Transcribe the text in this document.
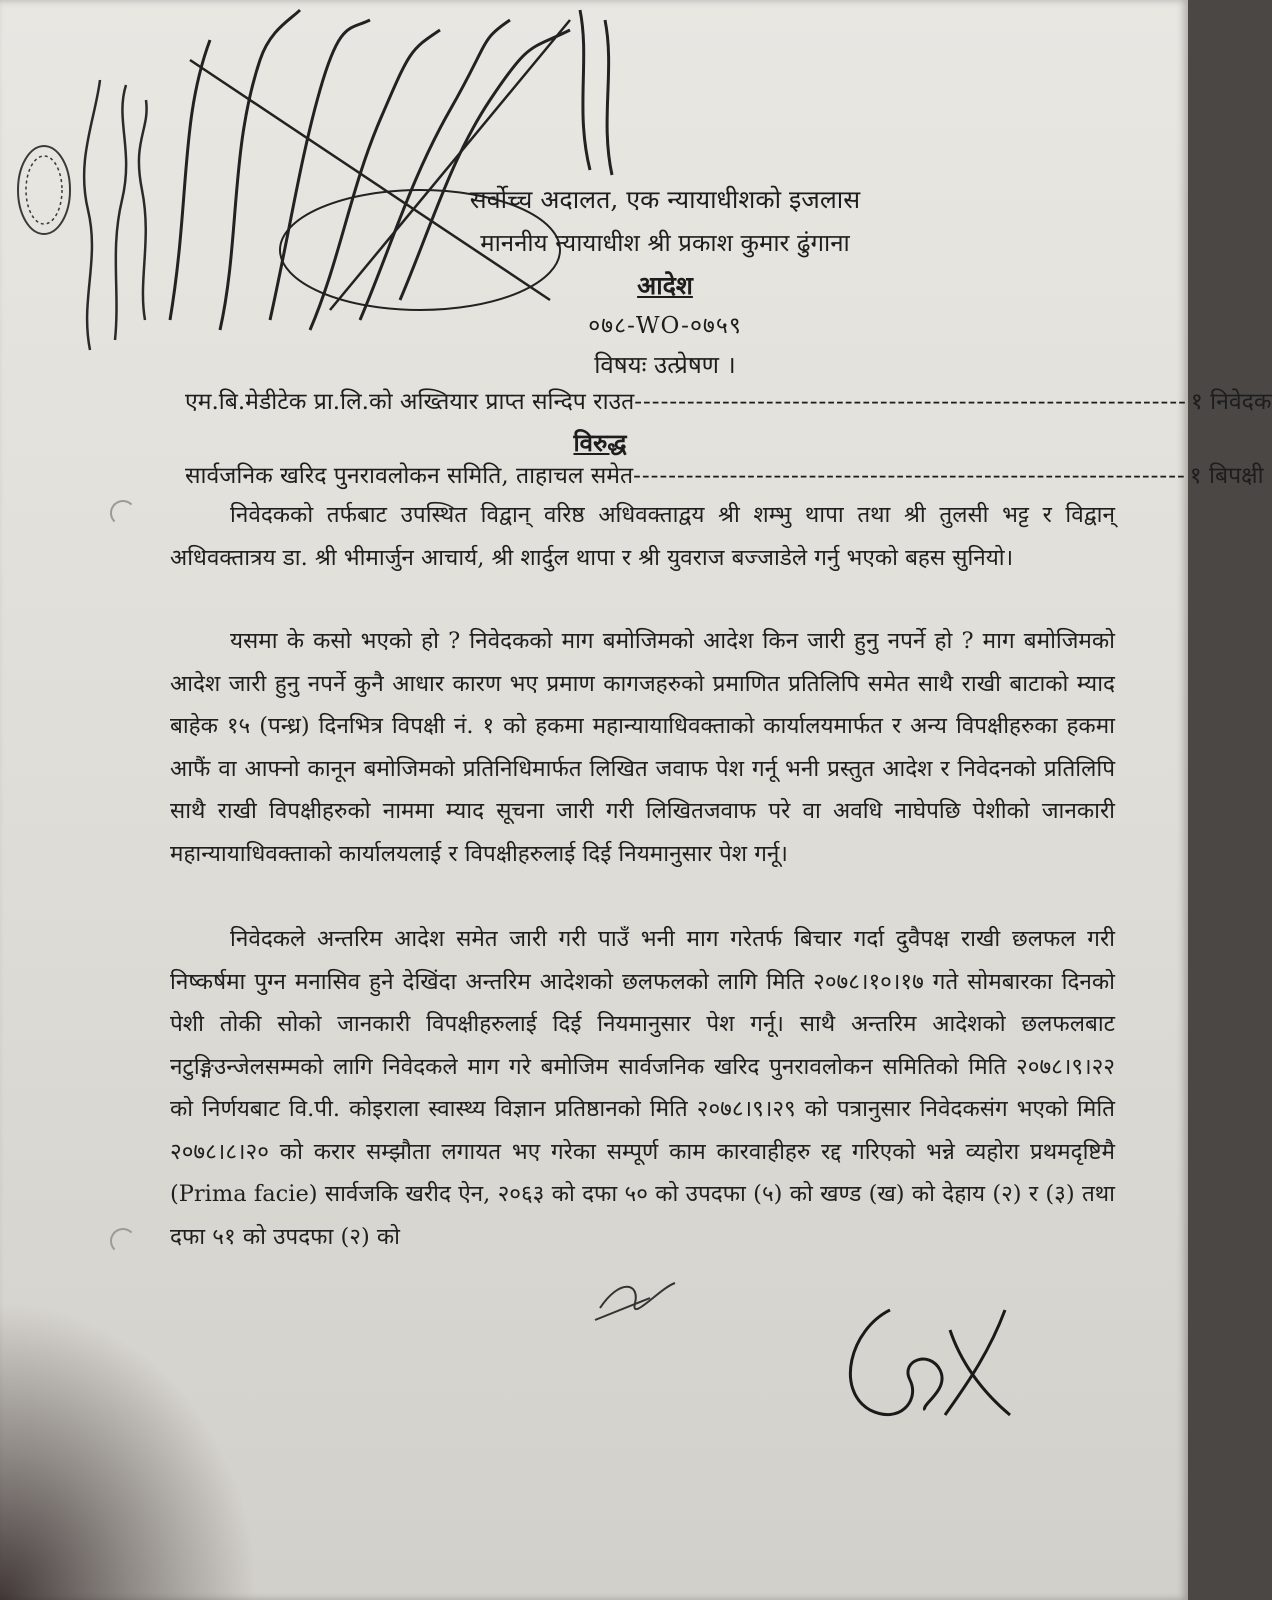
सर्वोच्च अदालत, एक न्यायाधीशको इजलास
माननीय न्यायाधीश श्री प्रकाश कुमार ढुंगाना
आदेश
०७८-WO-०७५९
विषयः उत्प्रेषण ।
एम.बि.मेडीटेक प्रा.लि.को अख्तियार प्राप्त सन्दिप राउत --------------------------------------------------------------- १ निवेदक
विरुद्ध
सार्वजनिक खरिद पुनरावलोकन समिति, ताहाचल समेत --------------------------------------------------------------- १ बिपक्षी

निवेदकको तर्फबाट उपस्थित विद्वान् वरिष्ठ अधिवक्ताद्वय श्री शम्भु थापा तथा श्री तुलसी भट्ट र विद्वान् अधिवक्तात्रय डा. श्री भीमार्जुन आचार्य, श्री शार्दुल थापा र श्री युवराज बज्जाडेले गर्नु भएको बहस सुनियो।

यसमा के कसो भएको हो ? निवेदकको माग बमोजिमको आदेश किन जारी हुनु नपर्ने हो ? माग बमोजिमको आदेश जारी हुनु नपर्ने कुनै आधार कारण भए प्रमाण कागजहरुको प्रमाणित प्रतिलिपि समेत साथै राखी बाटाको म्याद बाहेक १५ (पन्ध्र) दिनभित्र विपक्षी नं. १ को हकमा महान्यायाधिवक्ताको कार्यालयमार्फत र अन्य विपक्षीहरुका हकमा आफैं वा आफ्नो कानून बमोजिमको प्रतिनिधिमार्फत लिखित जवाफ पेश गर्नू भनी प्रस्तुत आदेश र निवेदनको प्रतिलिपि साथै राखी विपक्षीहरुको नाममा म्याद सूचना जारी गरी लिखितजवाफ परे वा अवधि नाघेपछि पेशीको जानकारी महान्यायाधिवक्ताको कार्यालयलाई र विपक्षीहरुलाई दिई नियमानुसार पेश गर्नू।

निवेदकले अन्तरिम आदेश समेत जारी गरी पाउँ भनी माग गरेतर्फ बिचार गर्दा दुवैपक्ष राखी छलफल गरी निष्कर्षमा पुग्न मनासिव हुने देखिंदा अन्तरिम आदेशको छलफलको लागि मिति २०७८।१०।१७ गते सोमबारका दिनको पेशी तोकी सोको जानकारी विपक्षीहरुलाई दिई नियमानुसार पेश गर्नू। साथै अन्तरिम आदेशको छलफलबाट नटुङ्गिउन्जेलसम्मको लागि निवेदकले माग गरे बमोजिम सार्वजनिक खरिद पुनरावलोकन समितिको मिति २०७८।९।२२ को निर्णयबाट वि.पी. कोइराला स्वास्थ्य विज्ञान प्रतिष्ठानको मिति २०७८।९।२९ को पत्रानुसार निवेदकसंग भएको मिति २०७८।८।२० को करार सम्झौता लगायत भए गरेका सम्पूर्ण काम कारवाहीहरु रद्द गरिएको भन्ने व्यहोरा प्रथमदृष्टिमै (Prima facie) सार्वजकि खरीद ऐन, २०६३ को दफा ५० को उपदफा (५) को खण्ड (ख) को देहाय (२) र (३) तथा दफा ५१ को उपदफा (२) को
